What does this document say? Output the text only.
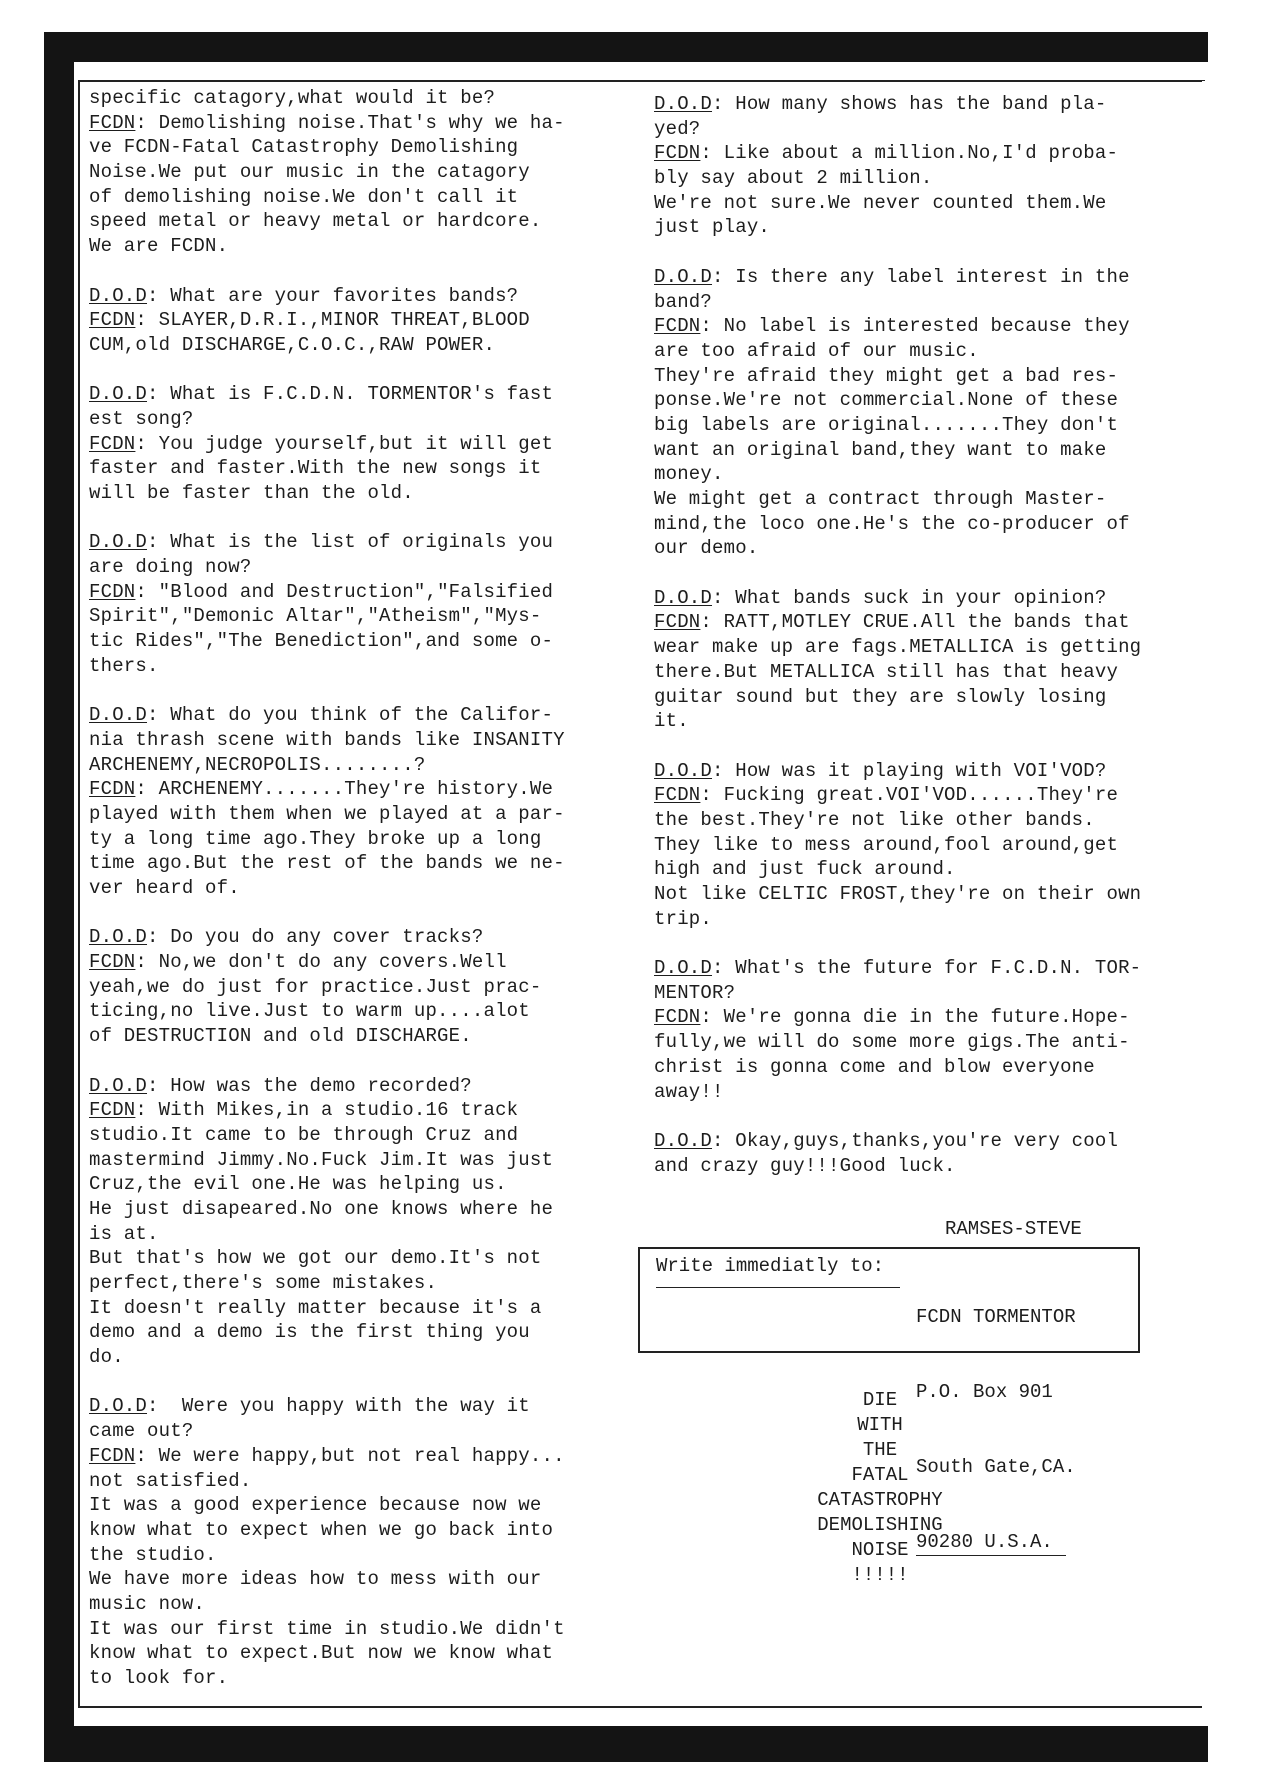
specific catagory,what would it be?
FCDN: Demolishing noise.That's why we ha-
ve FCDN-Fatal Catastrophy Demolishing
Noise.We put our music in the catagory
of demolishing noise.We don't call it
speed metal or heavy metal or hardcore.
We are FCDN.
D.O.D: What are your favorites bands?
FCDN: SLAYER,D.R.I.,MINOR THREAT,BLOOD
CUM,old DISCHARGE,C.O.C.,RAW POWER.
D.O.D: What is F.C.D.N. TORMENTOR's fast
est song?
FCDN: You judge yourself,but it will get
faster and faster.With the new songs it
will be faster than the old.
D.O.D: What is the list of originals you
are doing now?
FCDN: "Blood and Destruction","Falsified
Spirit","Demonic Altar","Atheism","Mys-
tic Rides","The Benediction",and some o-
thers.
D.O.D: What do you think of the Califor-
nia thrash scene with bands like INSANITY
ARCHENEMY,NECROPOLIS........?
FCDN: ARCHENEMY.......They're history.We
played with them when we played at a par-
ty a long time ago.They broke up a long
time ago.But the rest of the bands we ne-
ver heard of.
D.O.D: Do you do any cover tracks?
FCDN: No,we don't do any covers.Well
yeah,we do just for practice.Just prac-
ticing,no live.Just to warm up....alot
of DESTRUCTION and old DISCHARGE.
D.O.D: How was the demo recorded?
FCDN: With Mikes,in a studio.16 track
studio.It came to be through Cruz and
mastermind Jimmy.No.Fuck Jim.It was just
Cruz,the evil one.He was helping us.
He just disapeared.No one knows where he
is at.
But that's how we got our demo.It's not
perfect,there's some mistakes.
It doesn't really matter because it's a
demo and a demo is the first thing you
do.
D.O.D:  Were you happy with the way it
came out?
FCDN: We were happy,but not real happy...
not satisfied.
It was a good experience because now we
know what to expect when we go back into
the studio.
We have more ideas how to mess with our
music now.
It was our first time in studio.We didn't
know what to expect.But now we know what
to look for.
D.O.D: How many shows has the band pla-
yed?
FCDN: Like about a million.No,I'd proba-
bly say about 2 million.
We're not sure.We never counted them.We
just play.
D.O.D: Is there any label interest in the
band?
FCDN: No label is interested because they
are too afraid of our music.
They're afraid they might get a bad res-
ponse.We're not commercial.None of these
big labels are original.......They don't
want an original band,they want to make
money.
We might get a contract through Master-
mind,the loco one.He's the co-producer of
our demo.
D.O.D: What bands suck in your opinion?
FCDN: RATT,MOTLEY CRUE.All the bands that
wear make up are fags.METALLICA is getting
there.But METALLICA still has that heavy
guitar sound but they are slowly losing
it.
D.O.D: How was it playing with VOI'VOD?
FCDN: Fucking great.VOI'VOD......They're
the best.They're not like other bands.
They like to mess around,fool around,get
high and just fuck around.
Not like CELTIC FROST,they're on their own
trip.
D.O.D: What's the future for F.C.D.N. TOR-
MENTOR?
FCDN: We're gonna die in the future.Hope-
fully,we will do some more gigs.The anti-
christ is gonna come and blow everyone
away!!
D.O.D: Okay,guys,thanks,you're very cool
and crazy guy!!!Good luck.
RAMSES-STEVE
Write immediatly to:

FCDN TORMENTOR

P.O. Box 901

South Gate,CA.

90280 U.S.A.

DIE
WITH
THE
FATAL
CATASTROPHY
DEMOLISHING
NOISE
!!!!!
